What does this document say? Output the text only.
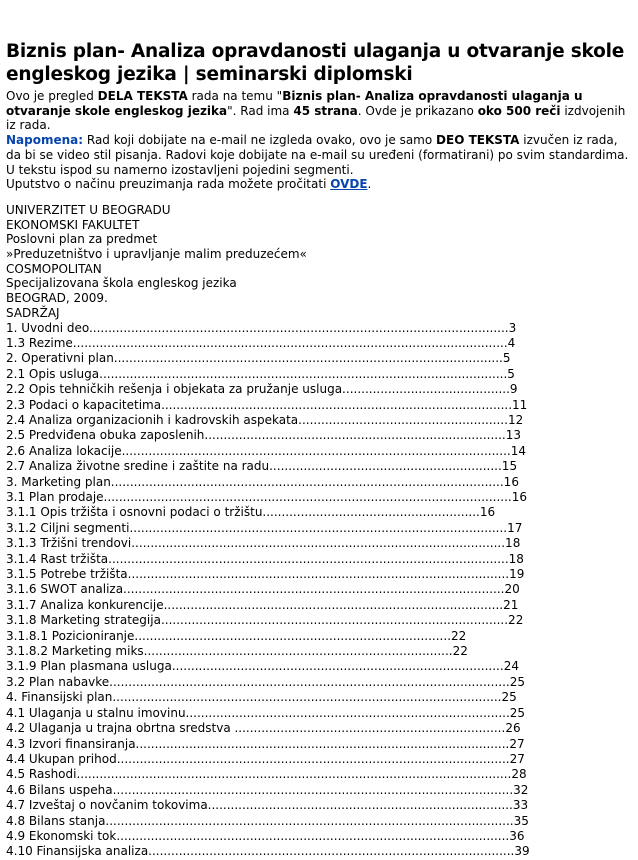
Biznis plan- Analiza opravdanosti ulaganja u otvaranje skole engleskog jezika | seminarski diplomski

Ovo je pregled DELA TEKSTA rada na temu "Biznis plan- Analiza opravdanosti ulaganja u otvaranje skole engleskog jezika". Rad ima 45 strana. Ovde je prikazano oko 500 reči izdvojenih iz rada.

Napomena: Rad koji dobijate na e-mail ne izgleda ovako, ovo je samo DEO TEKSTA izvučen iz rada, da bi se video stil pisanja. Radovi koje dobijate na e-mail su uređeni (formatirani) po svim standardima. U tekstu ispod su namerno izostavljeni pojedini segmenti.

Uputstvo o načinu preuzimanja rada možete pročitati OVDE.

UNIVERZITET U BEOGRADU
EKONOMSKI FAKULTET
Poslovni plan za predmet
»Preduzetništvo i upravljanje malim preduzećem«
COSMOPOLITAN
Specijalizovana škola engleskog jezika
BEOGRAD, 2009.
SADRŽAJ
1. Uvodni deo..............................................................................................................3
1.3 Rezime..................................................................................................................4
2. Operativni plan......................................................................................................5
2.1 Opis usluga...........................................................................................................5
2.2 Opis tehničkih rešenja i objekata za pružanje usluga............................................9
2.3 Podaci o kapacitetima............................................................................................11
2.4 Analiza organizacionih i kadrovskih aspekata.......................................................12
2.5 Predviđena obuka zaposlenih...............................................................................13
2.6 Analiza lokacije......................................................................................................14
2.7 Analiza životne sredine i zaštite na radu.............................................................15
3. Marketing plan.......................................................................................................16
3.1 Plan prodaje...........................................................................................................16
3.1.1 Opis tržišta i osnovni podaci o tržištu.........................................................16
3.1.2 Ciljni segmenti...................................................................................................17
3.1.3 Tržišni trendovi..................................................................................................18
3.1.4 Rast tržišta.........................................................................................................18
3.1.5 Potrebe tržišta....................................................................................................19
3.1.6 SWOT analiza....................................................................................................20
3.1.7 Analiza konkurencije.........................................................................................21
3.1.8 Marketing strategija...........................................................................................22
3.1.8.1 Pozicioniranje...................................................................................22
3.1.8.2 Marketing miks.................................................................................22
3.1.9 Plan plasmana usluga.......................................................................................24
3.2 Plan nabavke.........................................................................................................25
4. Finansijski plan......................................................................................................25
4.1 Ulaganja u stalnu imovinu.....................................................................................25
4.2 Ulaganja u trajna obrtna sredstva .......................................................................26
4.3 Izvori finansiranja..................................................................................................27
4.4 Ukupan prihod.......................................................................................................27
4.5 Rashodi..................................................................................................................28
4.6 Bilans uspeha.........................................................................................................32
4.7 Izveštaj o novčanim tokovima................................................................................33
4.8 Bilans stanja...........................................................................................................35
4.9 Ekonomski tok.......................................................................................................36
4.10 Finansijska analiza................................................................................................39
